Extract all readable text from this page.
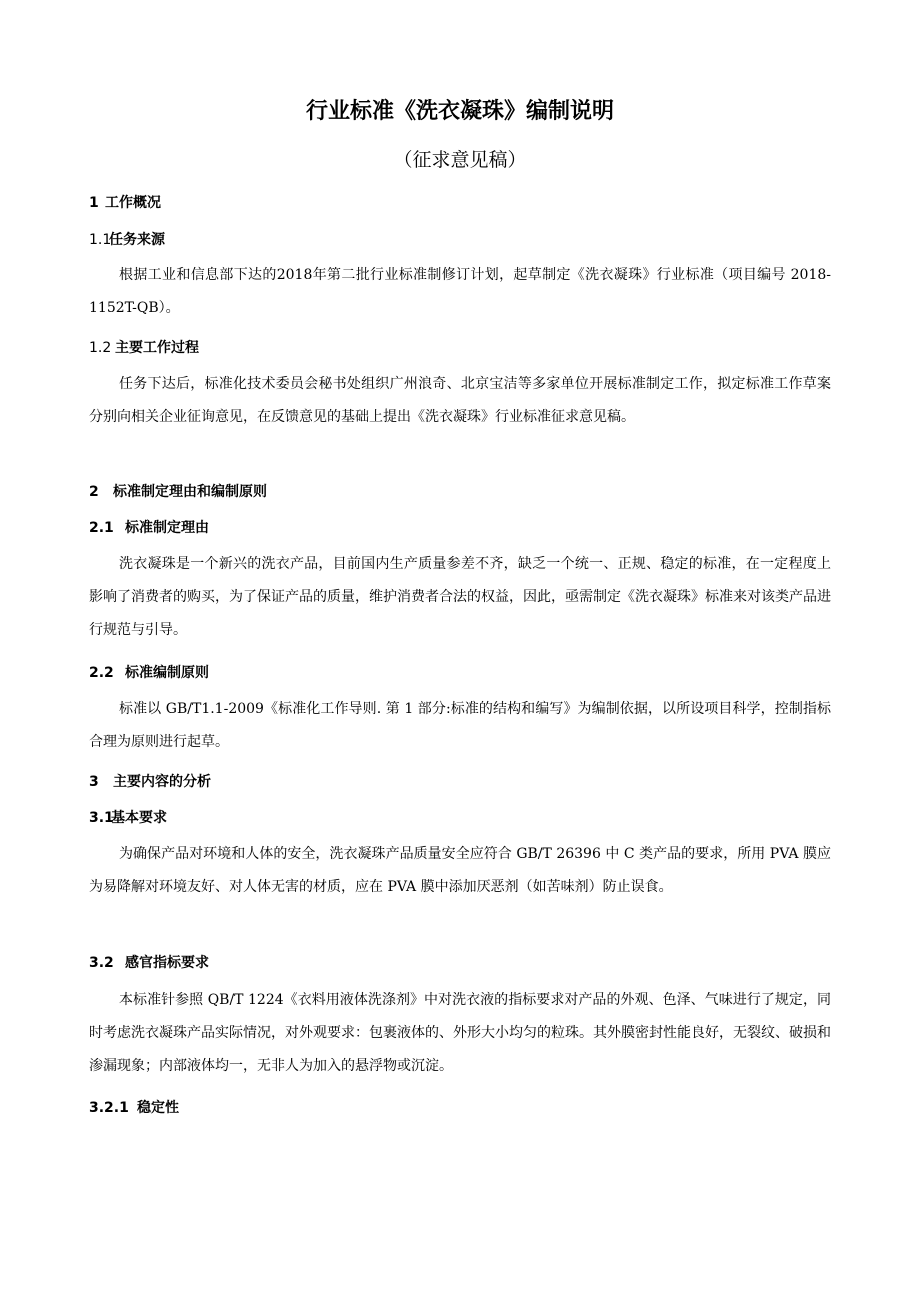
行业标准《洗衣凝珠》编制说明
（征求意见稿）
1 工作概况
1.1任务来源
根据工业和信息部下达的2018年第二批行业标准制修订计划，起草制定《洗衣凝珠》行业标准（项目编号 2018-1152T-QB）。
1.2 主要工作过程
任务下达后，标准化技术委员会秘书处组织广州浪奇、北京宝洁等多家单位开展标准制定工作，拟定标准工作草案分别向相关企业征询意见，在反馈意见的基础上提出《洗衣凝珠》行业标准征求意见稿。
2 标准制定理由和编制原则
2.1 标准制定理由
洗衣凝珠是一个新兴的洗衣产品，目前国内生产质量参差不齐，缺乏一个统一、正规、稳定的标准，在一定程度上影响了消费者的购买，为了保证产品的质量，维护消费者合法的权益，因此，亟需制定《洗衣凝珠》标准来对该类产品进行规范与引导。
2.2 标准编制原则
标准以 GB/T1.1-2009《标准化工作导则. 第 1 部分:标准的结构和编写》为编制依据，以所设项目科学，控制指标合理为原则进行起草。
3 主要内容的分析
3.1基本要求
为确保产品对环境和人体的安全，洗衣凝珠产品质量安全应符合 GB/T 26396 中 C 类产品的要求，所用 PVA 膜应为易降解对环境友好、对人体无害的材质，应在 PVA 膜中添加厌恶剂（如苦味剂）防止误食。
3.2 感官指标要求
本标准针参照 QB/T 1224《衣料用液体洗涤剂》中对洗衣液的指标要求对产品的外观、色泽、气味进行了规定，同时考虑洗衣凝珠产品实际情况，对外观要求：包裹液体的、外形大小均匀的粒珠。其外膜密封性能良好，无裂纹、破损和渗漏现象；内部液体均一，无非人为加入的悬浮物或沉淀。
3.2.1 稳定性
